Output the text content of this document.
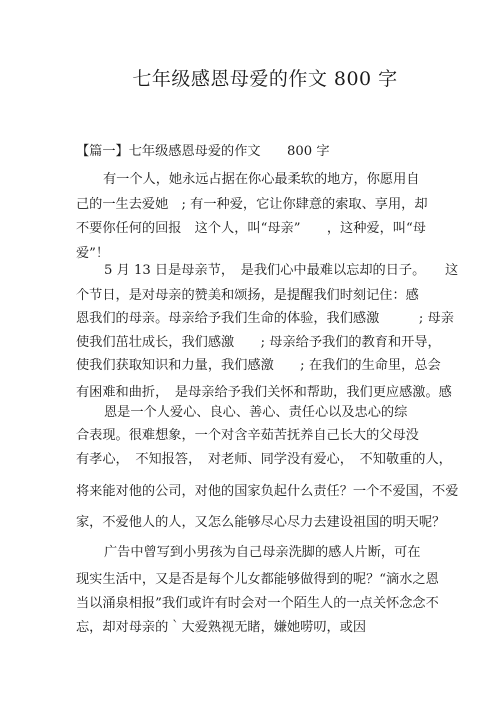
七年级感恩母爱的作文 800 字
【篇一】七年级感恩母爱的作文　　800 字
有一个人，她永远占据在你心最柔软的地方，你愿用自
己的一生去爱她　; 有一种爱，它让你肆意的索取、享用，却
不要你任何的回报　这个人，叫“母亲”　　，这种爱，叫“母
爱”！
5 月 13 日是母亲节，　是我们心中最难以忘却的日子。　　这
个节日，是对母亲的赞美和颂扬，是提醒我们时刻记住：感
恩我们的母亲。母亲给予我们生命的体验，我们感激　　　; 母亲
使我们茁壮成长，我们感激　　; 母亲给予我们的教育和开导，
使我们获取知识和力量，我们感激　　; 在我们的生命里，总会
有困难和曲折，　是母亲给予我们关怀和帮助，我们更应感激。感
恩是一个人爱心、良心、善心、责任心以及忠心的综
合表现。很难想象，一个对含辛茹苦抚养自己长大的父母没
有孝心，　不知报答，　对老师、同学没有爱心，　不知敬重的人，
将来能对他的公司，对他的国家负起什么责任？一个不爱国，不爱
家，不爱他人的人，又怎么能够尽心尽力去建设祖国的明天呢？
广告中曾写到小男孩为自己母亲洗脚的感人片断，可在
现实生活中，又是否是每个儿女都能够做得到的呢？“滴水之恩
当以涌泉相报”我们或许有时会对一个陌生人的一点关怀念念不
忘，却对母亲的｀大爱熟视无睹，嫌她唠叨，或因
